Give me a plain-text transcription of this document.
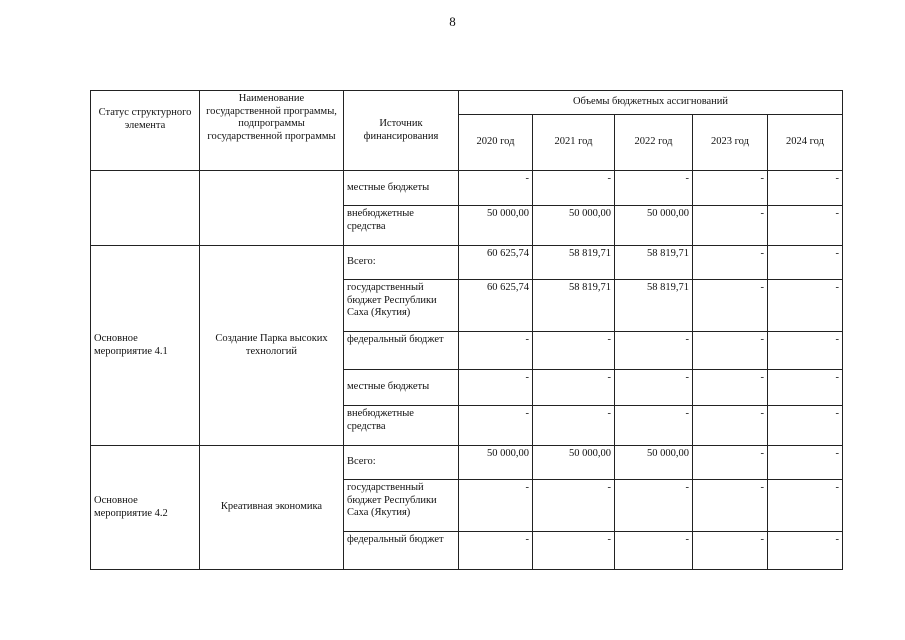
8
Статус структурного элемента	Наименование государственной программы, подпрограммы государственной программы	Источник финансирования	Объемы бюджетных ассигнований				
			2020 год	2021 год	2022 год	2023 год	2024 год
		местные бюджеты	-	-	-	-	-
		внебюджетные средства	50 000,00	50 000,00	50 000,00	-	-
Основное мероприятие 4.1	Создание Парка высоких технологий	Всего:	60 625,74	58 819,71	58 819,71	-	-
		государственный бюджет Республики Саха (Якутия)	60 625,74	58 819,71	58 819,71	-	-
		федеральный бюджет	-	-	-	-	-
		местные бюджеты	-	-	-	-	-
		внебюджетные средства	-	-	-	-	-
Основное мероприятие 4.2	Креативная экономика	Всего:	50 000,00	50 000,00	50 000,00	-	-
		государственный бюджет Республики Саха (Якутия)	-	-	-	-	-
		федеральный бюджет	-	-	-	-	-
